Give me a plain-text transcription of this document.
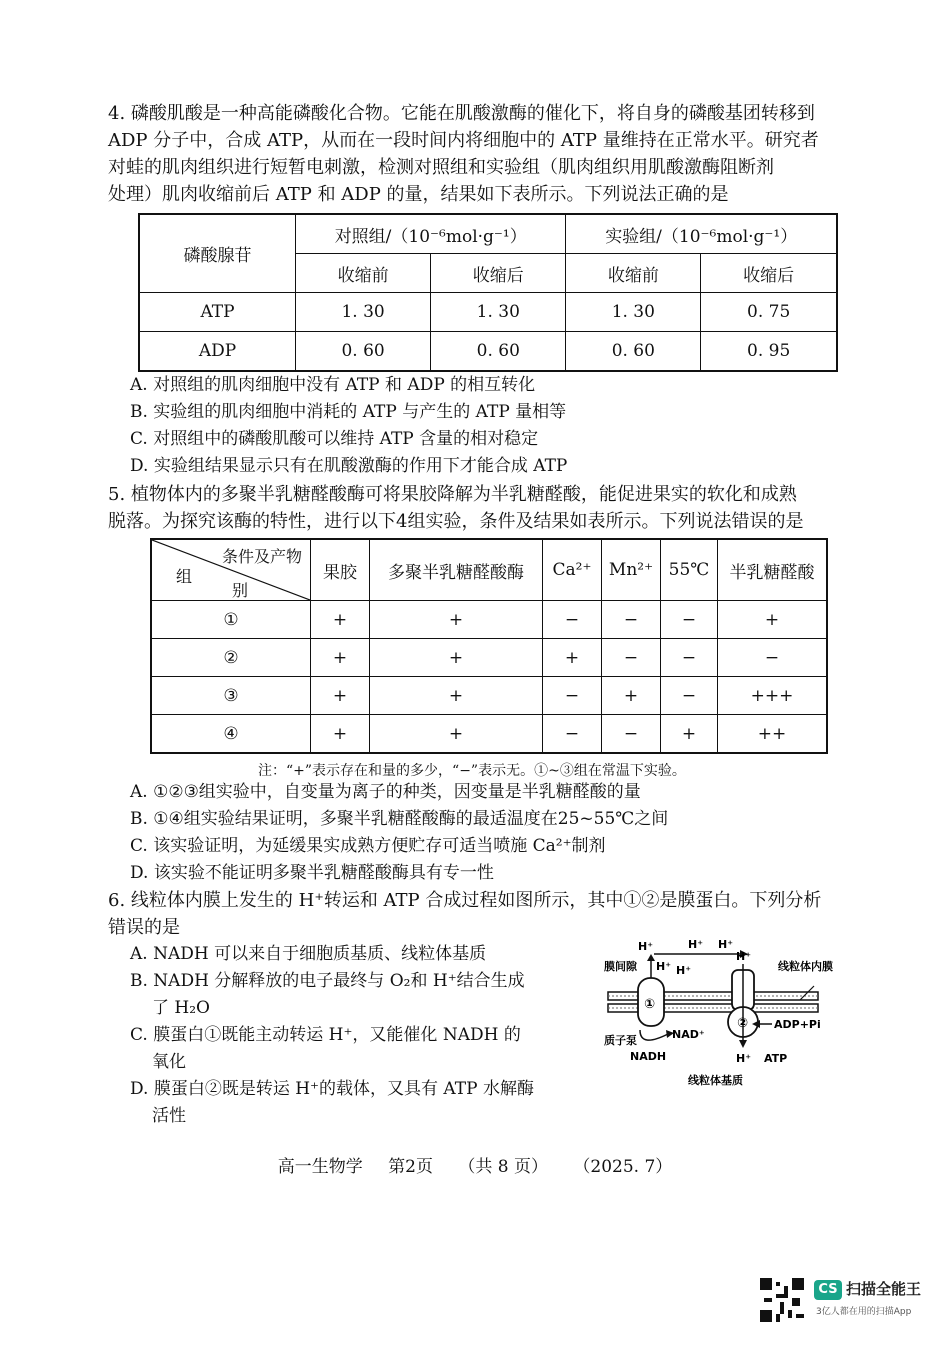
4. 磷酸肌酸是一种高能磷酸化合物。它能在肌酸激酶的催化下，将自身的磷酸基团转移到

ADP 分子中，合成 ATP，从而在一段时间内将细胞中的 ATP 量维持在正常水平。研究者

对蛙的肌肉组织进行短暂电刺激，检测对照组和实验组（肌肉组织用肌酸激酶阻断剂

处理）肌肉收缩前后 ATP 和 ADP 的量，结果如下表所示。下列说法正确的是

磷酸腺苷	对照组/（10⁻⁶mol·g⁻¹）		实验组/（10⁻⁶mol·g⁻¹）	
	收缩前	收缩后	收缩前	收缩后
ATP	1. 30	1. 30	1. 30	0. 75
ADP	0. 60	0. 60	0. 60	0. 95

A. 对照组的肌肉细胞中没有 ATP 和 ADP 的相互转化

B. 实验组的肌肉细胞中消耗的 ATP 与产生的 ATP 量相等

C. 对照组中的磷酸肌酸可以维持 ATP 含量的相对稳定

D. 实验组结果显示只有在肌酸激酶的作用下才能合成 ATP

5. 植物体内的多聚半乳糖醛酸酶可将果胶降解为半乳糖醛酸，能促进果实的软化和成熟

脱落。为探究该酶的特性，进行以下4组实验，条件及结果如表所示。下列说法错误的是

条件及产物
组
别	果胶	多聚半乳糖醛酸酶	Ca²⁺	Mn²⁺	55℃	半乳糖醛酸
①	+	+	−	−	−	+
②	+	+	+	−	−	−
③	+	+	−	+	−	+++
④	+	+	−	−	+	++
注：“+”表示存在和量的多少，“−”表示无。①~③组在常温下实验。

A. ①②③组实验中，自变量为离子的种类，因变量是半乳糖醛酸的量

B. ①④组实验结果证明，多聚半乳糖醛酸酶的最适温度在25~55℃之间

C. 该实验证明，为延缓果实成熟方便贮存可适当喷施 Ca²⁺制剂

D. 该实验不能证明多聚半乳糖醛酸酶具有专一性

6. 线粒体内膜上发生的 H⁺转运和 ATP 合成过程如图所示，其中①②是膜蛋白。下列分析

错误的是

A. NADH 可以来自于细胞质基质、线粒体基质

B. NADH 分解释放的电子最终与 O₂和 H⁺结合生成

了 H₂O

C. 膜蛋白①既能主动转运 H⁺，又能催化 NADH 的

氧化

D. 膜蛋白②既是转运 H⁺的载体，又具有 ATP 水解酶

活性

H⁺	H⁺ H⁺
膜间隙 H⁺ H⁺
H⁺
线粒体内膜
①
②
质子泵	NAD⁺
NADH
ADP+Pi
H⁺ ATP
线粒体基质
高一生物学 第2页 （共 8 页） （2025. 7）
CS 扫描全能王
3亿人都在用的扫描App
